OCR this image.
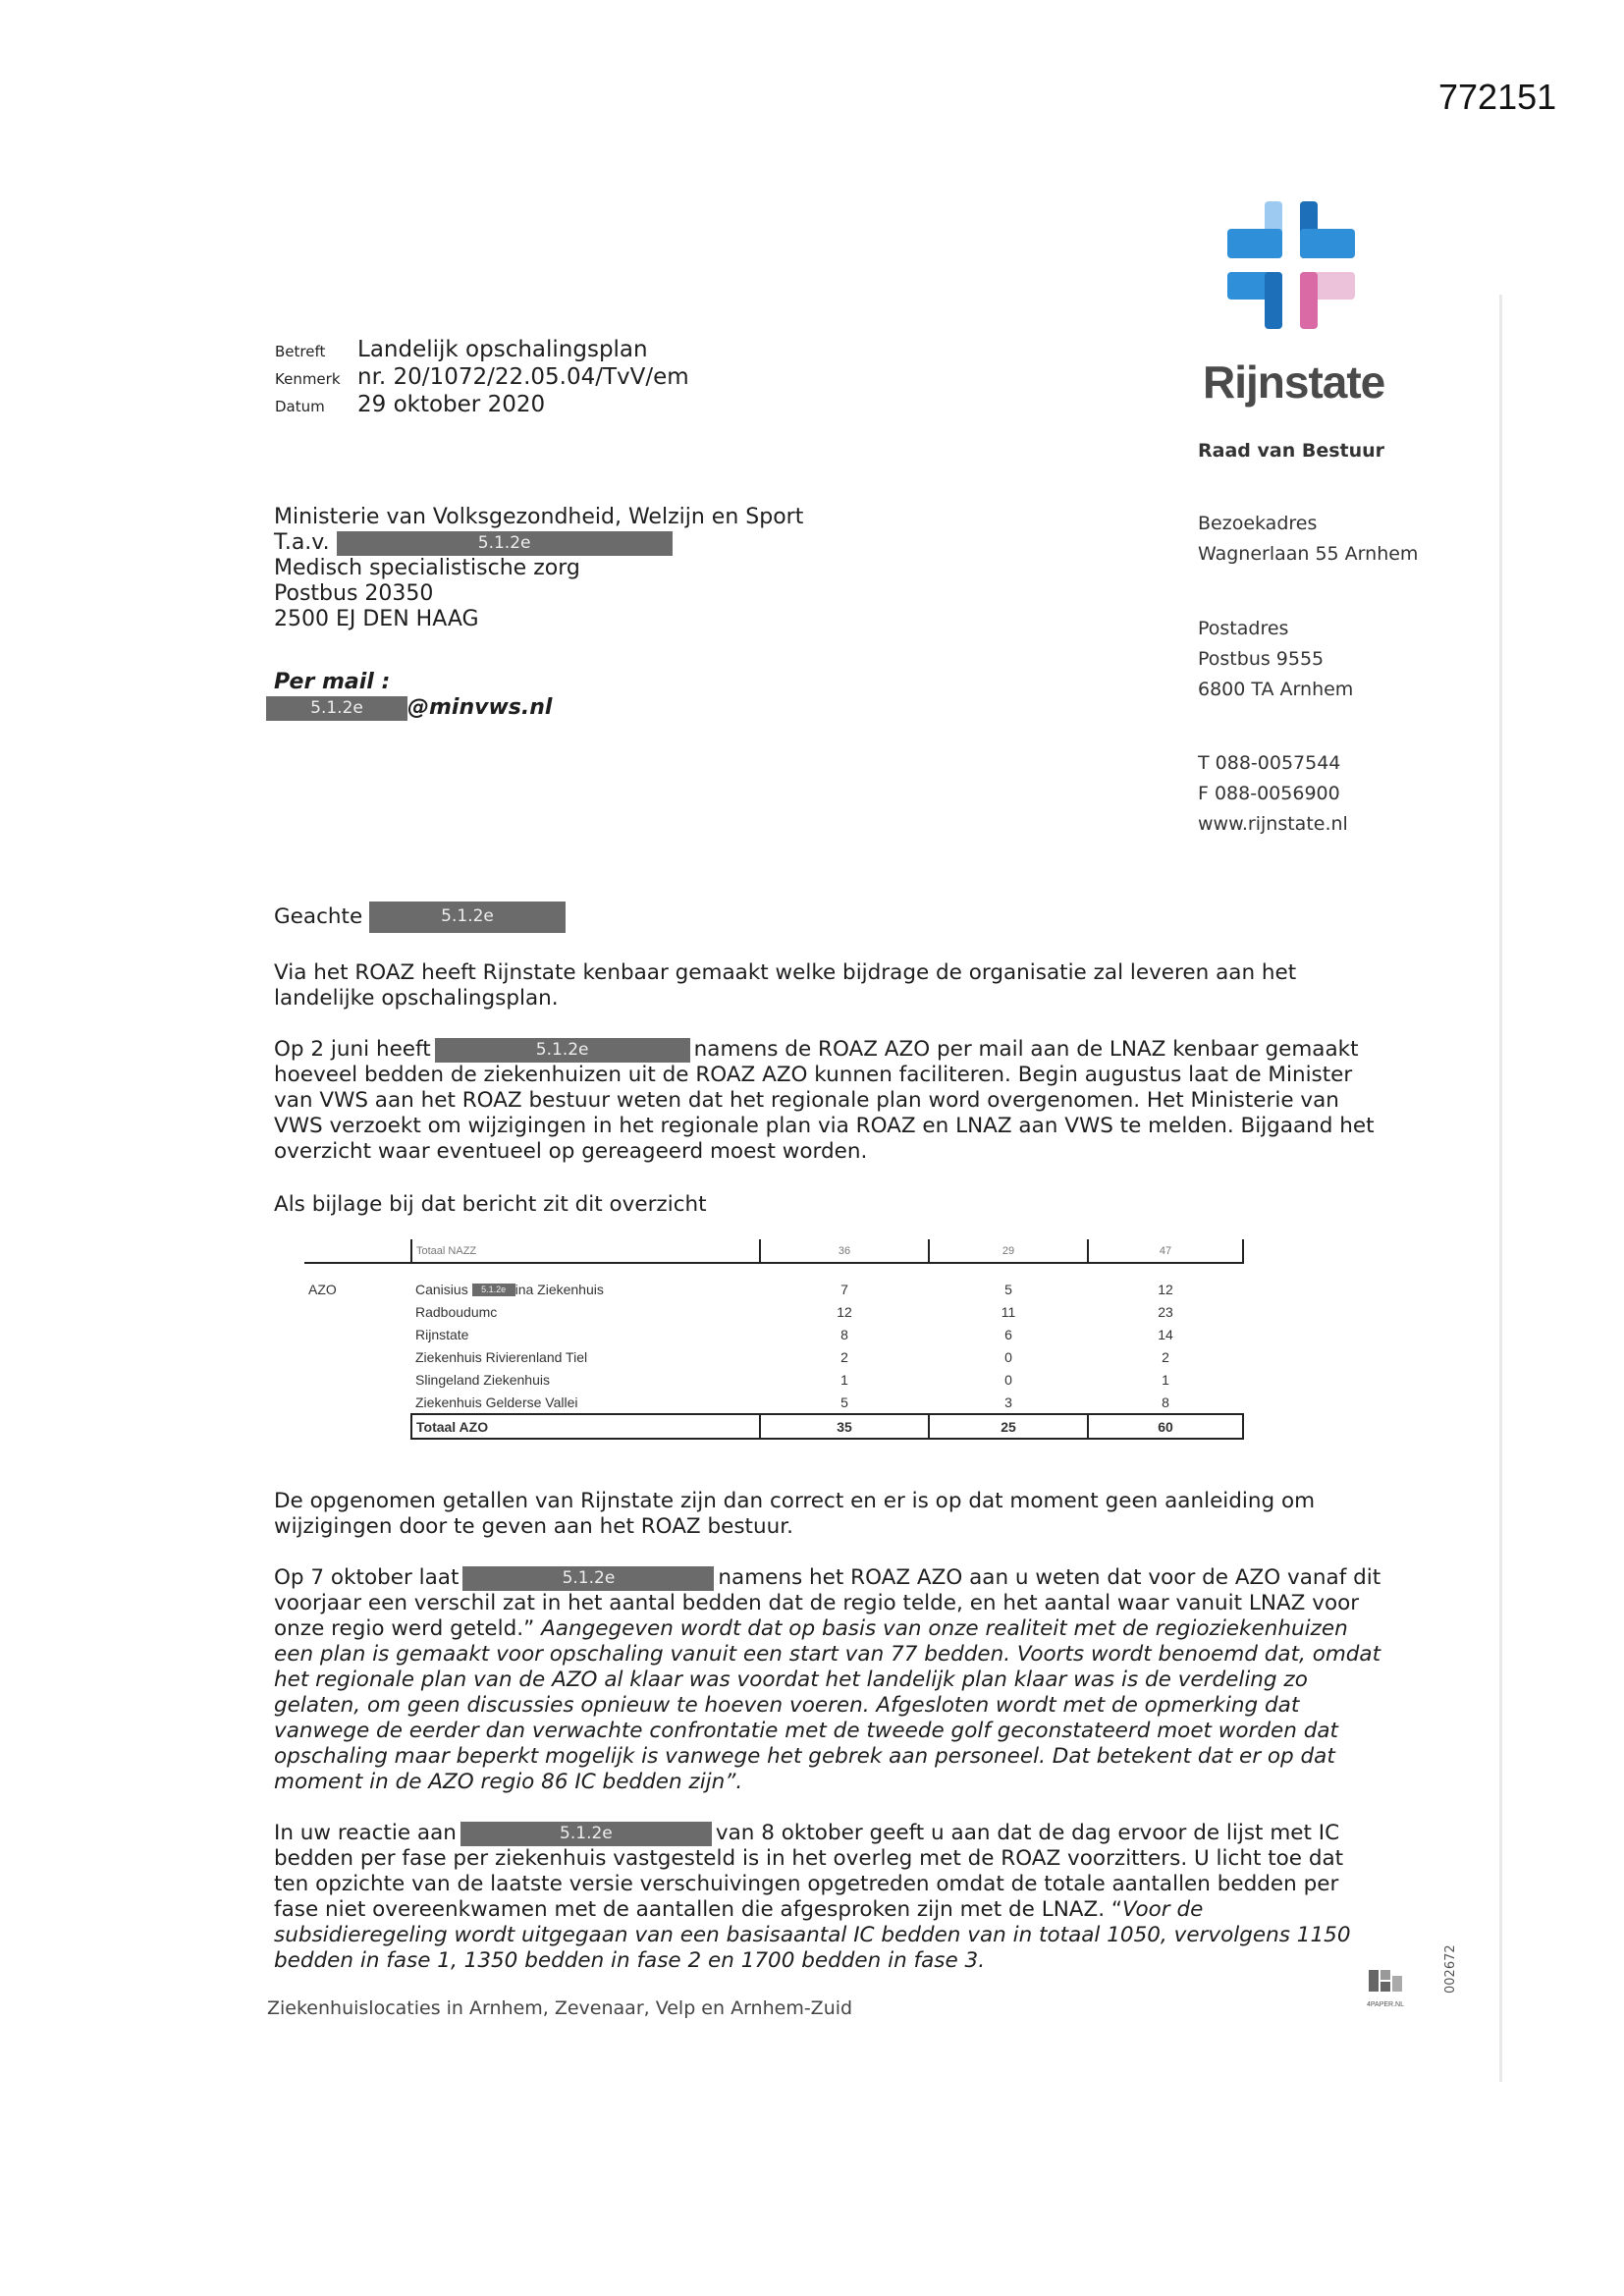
772151
Rijnstate
Raad van Bestuur
Bezoekadres
Wagnerlaan 55 Arnhem
Postadres
Postbus 9555
6800 TA Arnhem
T 088-0057544
F 088-0056900
www.rijnstate.nl
Betreft Landelijk opschalingsplan
Kenmerk nr. 20/1072/22.05.04/TvV/em
Datum 29 oktober 2020
Ministerie van Volksgezondheid, Welzijn en Sport
T.a.v.	5.1.2e
Medisch specialistische zorg
Postbus 20350
2500 EJ DEN HAAG
Per mail :
5.1.2e @minvws.nl
Geachte	5.1.2e
Via het ROAZ heeft Rijnstate kenbaar gemaakt welke bijdrage de organisatie zal leveren aan het landelijke opschalingsplan.
Op 2 juni heeft	5.1.2e	namens de ROAZ AZO per mail aan de LNAZ kenbaar gemaakt hoeveel bedden de ziekenhuizen uit de ROAZ AZO kunnen faciliteren. Begin augustus laat de Minister van VWS aan het ROAZ bestuur weten dat het regionale plan word overgenomen. Het Ministerie van VWS verzoekt om wijzigingen in het regionale plan via ROAZ en LNAZ aan VWS te melden. Bijgaand het overzicht waar eventueel op gereageerd moest worden.
Als bijlage bij dat bericht zit dit overzicht
	Totaal NAZZ	36	29	47

AZO	Canisius 5.1.2e ina Ziekenhuis	7	5	12
	Radboudumc	12	11	23
	Rijnstate	8	6	14
	Ziekenhuis Rivierenland Tiel	2	0	2
	Slingeland Ziekenhuis	1	0	1
	Ziekenhuis Gelderse Vallei	5	3	8
	Totaal AZO	35	25	60
De opgenomen getallen van Rijnstate zijn dan correct en er is op dat moment geen aanleiding om wijzigingen door te geven aan het ROAZ bestuur.
Op 7 oktober laat	5.1.2e	namens het ROAZ AZO aan u weten dat voor de AZO vanaf dit voorjaar een verschil zat in het aantal bedden dat de regio telde, en het aantal waar vanuit LNAZ voor onze regio werd geteld.” Aangegeven wordt dat op basis van onze realiteit met de regioziekenhuizen een plan is gemaakt voor opschaling vanuit een start van 77 bedden. Voorts wordt benoemd dat, omdat het regionale plan van de AZO al klaar was voordat het landelijk plan klaar was is de verdeling zo gelaten, om geen discussies opnieuw te hoeven voeren. Afgesloten wordt met de opmerking dat vanwege de eerder dan verwachte confrontatie met de tweede golf geconstateerd moet worden dat opschaling maar beperkt mogelijk is vanwege het gebrek aan personeel. Dat betekent dat er op dat moment in de AZO regio 86 IC bedden zijn”.
In uw reactie aan	5.1.2e	van 8 oktober geeft u aan dat de dag ervoor de lijst met IC bedden per fase per ziekenhuis vastgesteld is in het overleg met de ROAZ voorzitters. U licht toe dat ten opzichte van de laatste versie verschuivingen opgetreden omdat de totale aantallen bedden per fase niet overeenkwamen met de aantallen die afgesproken zijn met de LNAZ. “Voor de subsidieregeling wordt uitgegaan van een basisaantal IC bedden van in totaal 1050, vervolgens 1150 bedden in fase 1, 1350 bedden in fase 2 en 1700 bedden in fase 3.
Ziekenhuislocaties in Arnhem, Zevenaar, Velp en Arnhem-Zuid	4PAPER.NL
002672
